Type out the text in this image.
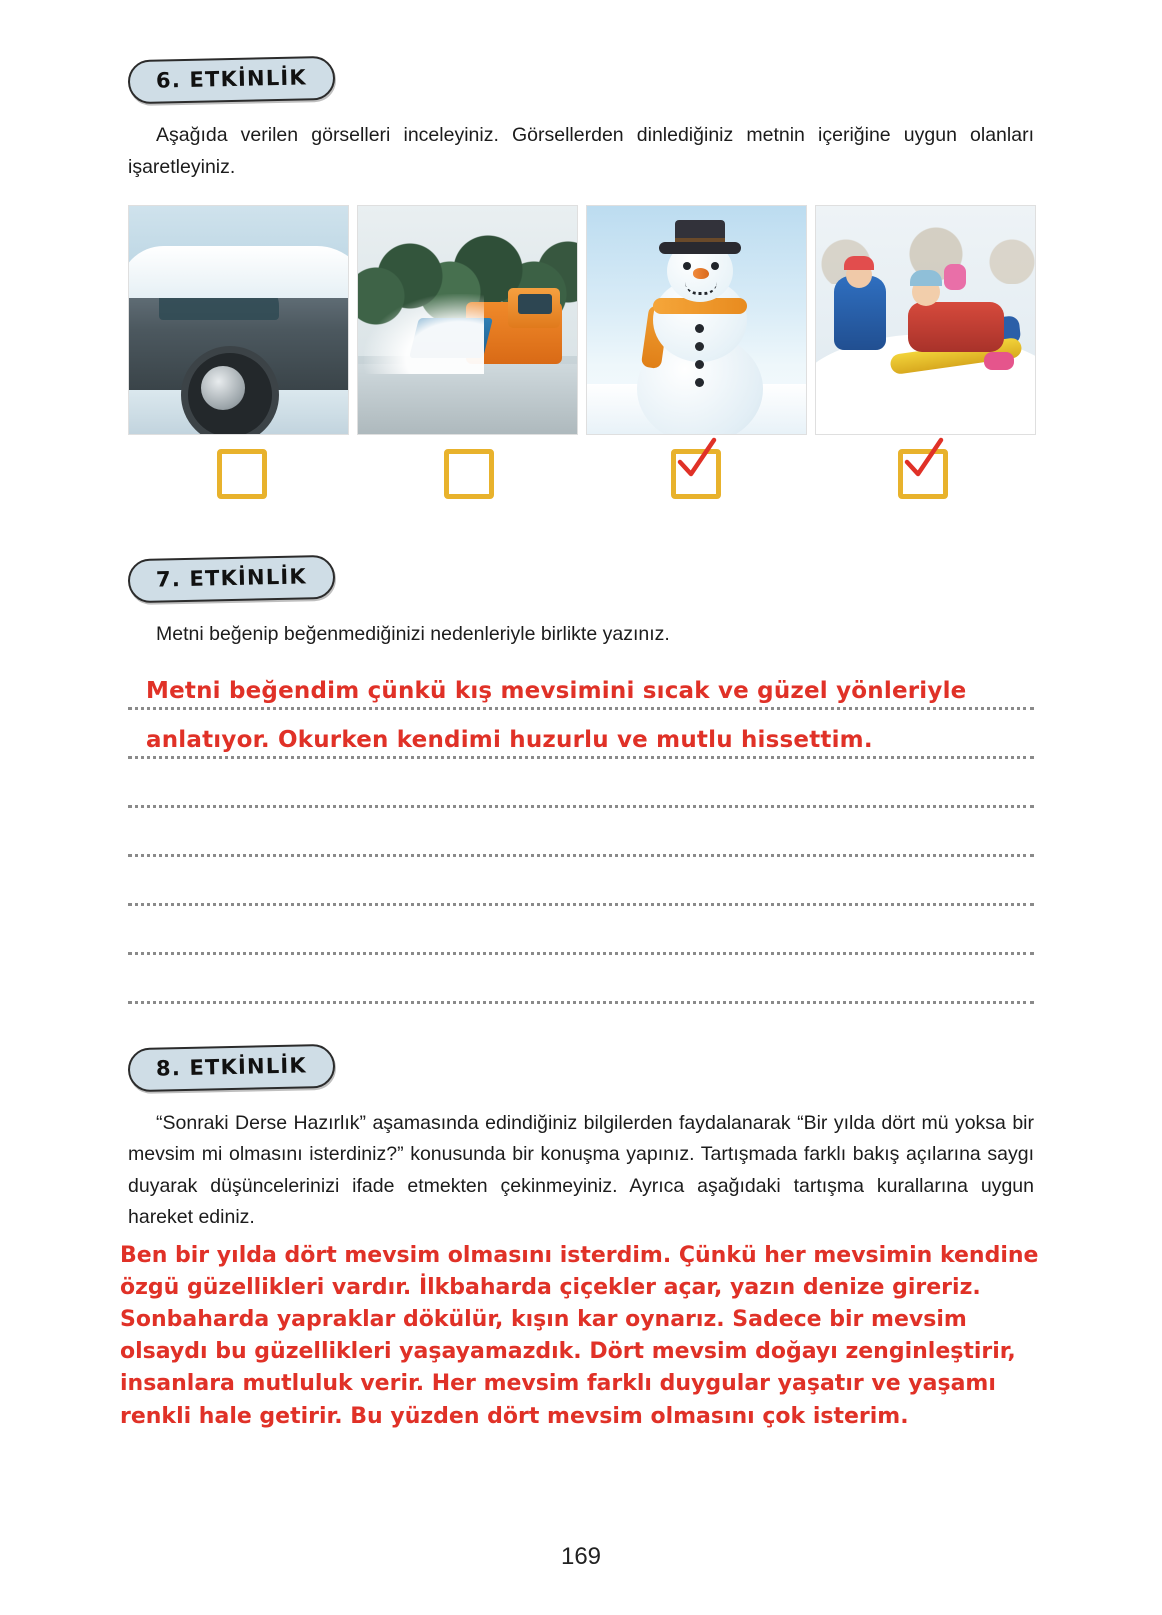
6. ETKİNLİK

Aşağıda verilen görselleri inceleyiniz. Görsellerden dinlediğiniz metnin içeriğine uygun olanları işaretleyiniz.

7. ETKİNLİK

Metni beğenip beğenmediğinizi nedenleriyle birlikte yazınız.

Metni beğendim çünkü kış mevsimini sıcak ve güzel yönleriyle
anlatıyor. Okurken kendimi huzurlu ve mutlu hissettim.
8. ETKİNLİK

“Sonraki Derse Hazırlık” aşamasında edindiğiniz bilgilerden faydalanarak “Bir yılda dört mü yoksa bir mevsim mi olmasını isterdiniz?” konusunda bir konuşma yapınız. Tartışmada farklı bakış açılarına saygı duyarak düşüncelerinizi ifade etmekten çekinmeyiniz. Ayrıca aşağıdaki tartışma kurallarına uygun hareket ediniz.

Ben bir yılda dört mevsim olmasını isterdim. Çünkü her mevsimin kendine özgü güzellikleri vardır. İlkbaharda çiçekler açar, yazın denize gireriz. Sonbaharda yapraklar dökülür, kışın kar oynarız. Sadece bir mevsim olsaydı bu güzellikleri yaşayamazdık. Dört mevsim doğayı zenginleştirir, insanlara mutluluk verir. Her mevsim farklı duygular yaşatır ve yaşamı renkli hale getirir. Bu yüzden dört mevsim olmasını çok isterim.
169
